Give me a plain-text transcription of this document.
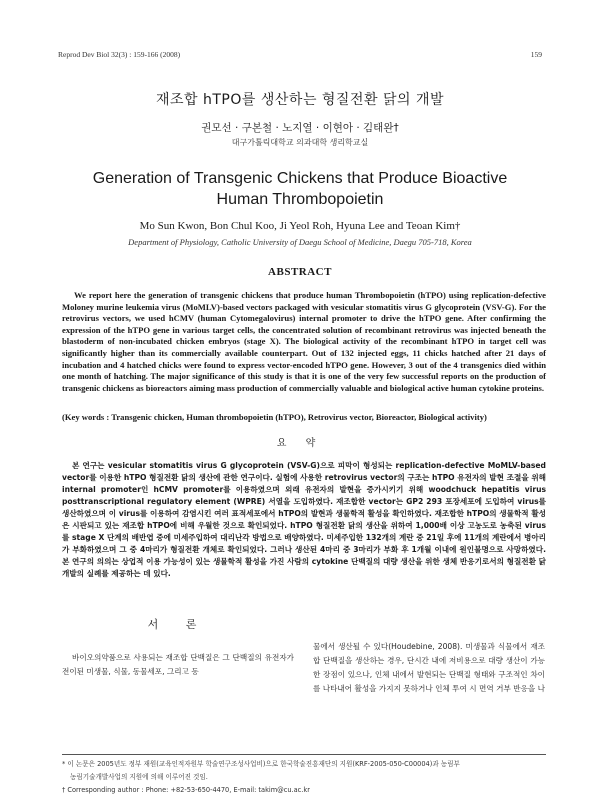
Reprod Dev Biol 32(3) : 159-166 (2008)	159
재조합 hTPO를 생산하는 형질전환 닭의 개발
권모선 · 구본철 · 노지열 · 이현아 · 김태완†
대구가톨릭대학교 의과대학 생리학교실
Generation of Transgenic Chickens that Produce Bioactive
Human Thrombopoietin
Mo Sun Kwon, Bon Chul Koo, Ji Yeol Roh, Hyuna Lee and Teoan Kim†
Department of Physiology, Catholic University of Daegu School of Medicine, Daegu 705-718, Korea
ABSTRACT

We report here the generation of transgenic chickens that produce human Thrombopoietin (hTPO) using replication-defective Moloney murine leukemia virus (MoMLV)-based vectors packaged with vesicular stomatitis virus G glycoprotein (VSV-G). For the retrovirus vectors, we used hCMV (human Cytomegalovirus) internal promoter to drive the hTPO gene. After confirming the expression of the hTPO gene in various target cells, the concentrated solution of recombinant retrovirus was injected beneath the blastoderm of non-incubated chicken embryos (stage X). The biological activity of the recombinant hTPO in target cell was significantly higher than its commercially available counterpart. Out of 132 injected eggs, 11 chicks hatched after 21 days of incubation and 4 hatched chicks were found to express vector-encoded hTPO gene. However, 3 out of the 4 transgenics died within one month of hatching. The major significance of this study is that it is one of the very few successful reports on the production of transgenic chickens as bioreactors aiming mass production of commercially valuable and biological active human cytokine proteins.

(Key words : Transgenic chicken, Human thrombopoietin (hTPO), Retrovirus vector, Bioreactor, Biological activity)

요 약

본 연구는 vesicular stomatitis virus G glycoprotein (VSV-G)으로 피막이 형성되는 replication-defective MoMLV-based vector를 이용한 hTPO 형질전환 닭의 생산에 관한 연구이다. 실험에 사용한 retrovirus vector의 구조는 hTPO 유전자의 발현 조절을 위해 internal promoter인 hCMV promoter를 이용하였으며 외래 유전자의 발현을 증가시키기 위해 woodchuck hepatitis virus posttranscriptional regulatory element (WPRE) 서열을 도입하였다. 재조합한 vector는 GP2 293 포장세포에 도입하여 virus를 생산하였으며 이 virus를 이용하여 감염시킨 여러 표적세포에서 hTPO의 발현과 생물학적 활성을 확인하였다. 재조합한 hTPO의 생물학적 활성은 시판되고 있는 재조합 hTPO에 비해 우월한 것으로 확인되었다. hTPO 형질전환 닭의 생산을 위하여 1,000배 이상 고농도로 농축된 virus를 stage X 단계의 배반엽 중에 미세주입하여 대리난각 방법으로 배양하였다. 미세주입한 132개의 계란 중 21일 후에 11개의 계란에서 병아리가 부화하였으며 그 중 4마리가 형질전환 개체로 확인되었다. 그러나 생산된 4마리 중 3마리가 부화 후 1개월 이내에 원인불명으로 사망하였다. 본 연구의 의의는 상업적 이용 가능성이 있는 생물학적 활성을 가진 사람의 cytokine 단백질의 대량 생산을 위한 생체 반응기로서의 형질전환 닭 개발의 실례를 제공하는 데 있다.

서 론

바이오의약품으로 사용되는 재조합 단백질은 그 단백질의 유전자가 전이된 미생물, 식물, 동물세포, 그리고 동

물에서 생산될 수 있다(Houdebine, 2008). 미생물과 식물에서 재조합 단백질을 생산하는 경우, 단시간 내에 저비용으로 대량 생산이 가능한 장점이 있으나, 인체 내에서 발현되는 단백질 형태와 구조적인 차이를 나타내어 활성을 가지지 못하거나 인체 투여 시 면역 거부 반응을 나

* 이 논문은 2005년도 정부 재원(교육인적자원부 학술연구조성사업비)으로 한국학술진흥재단의 지원(KRF-2005-050-C00004)과 농림부

농림기술개발사업의 지원에 의해 이루어진 것임.

† Corresponding author : Phone: +82-53-650-4470, E-mail: takim@cu.ac.kr
